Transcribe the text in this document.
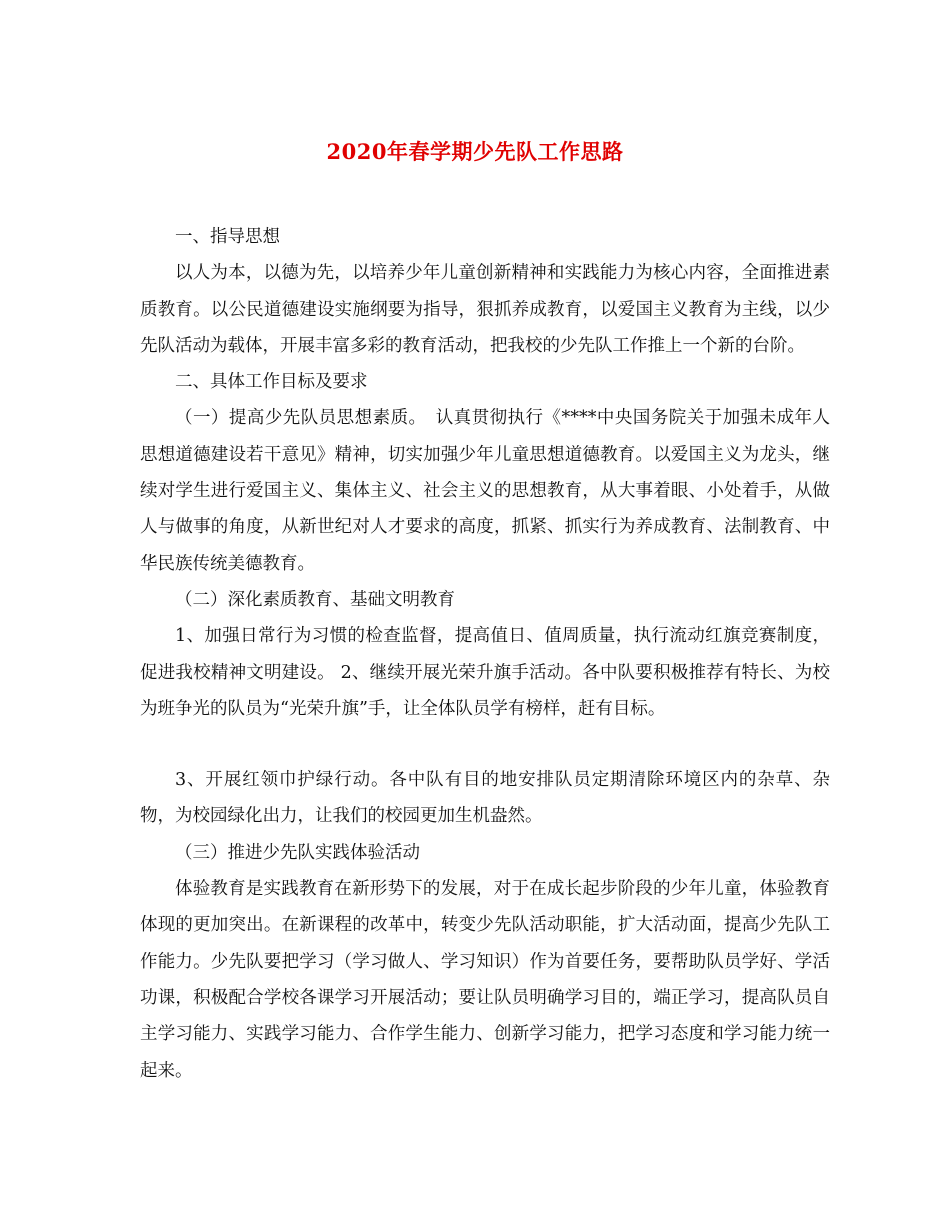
2020年春学期少先队工作思路

一、指导思想

以人为本，以德为先，以培养少年儿童创新精神和实践能力为核心内容，全面推进素质教育。以公民道德建设实施纲要为指导，狠抓养成教育，以爱国主义教育为主线，以少先队活动为载体，开展丰富多彩的教育活动，把我校的少先队工作推上一个新的台阶。

二、具体工作目标及要求

（一）提高少先队员思想素质。　认真贯彻执行《****中央国务院关于加强未成年人思想道德建设若干意见》精神，切实加强少年儿童思想道德教育。以爱国主义为龙头，继续对学生进行爱国主义、集体主义、社会主义的思想教育，从大事着眼、小处着手，从做人与做事的角度，从新世纪对人才要求的高度，抓紧、抓实行为养成教育、法制教育、中华民族传统美德教育。

（二）深化素质教育、基础文明教育

1、加强日常行为习惯的检查监督，提高值日、值周质量，执行流动红旗竞赛制度，促进我校精神文明建设。 2、继续开展光荣升旗手活动。各中队要积极推荐有特长、为校为班争光的队员为“光荣升旗”手，让全体队员学有榜样，赶有目标。

3、开展红领巾护绿行动。各中队有目的地安排队员定期清除环境区内的杂草、杂物，为校园绿化出力，让我们的校园更加生机盎然。

（三）推进少先队实践体验活动

体验教育是实践教育在新形势下的发展，对于在成长起步阶段的少年儿童，体验教育体现的更加突出。在新课程的改革中，转变少先队活动职能，扩大活动面，提高少先队工作能力。少先队要把学习（学习做人、学习知识）作为首要任务，要帮助队员学好、学活功课，积极配合学校各课学习开展活动；要让队员明确学习目的，端正学习，提高队员自主学习能力、实践学习能力、合作学生能力、创新学习能力，把学习态度和学习能力统一起来。
